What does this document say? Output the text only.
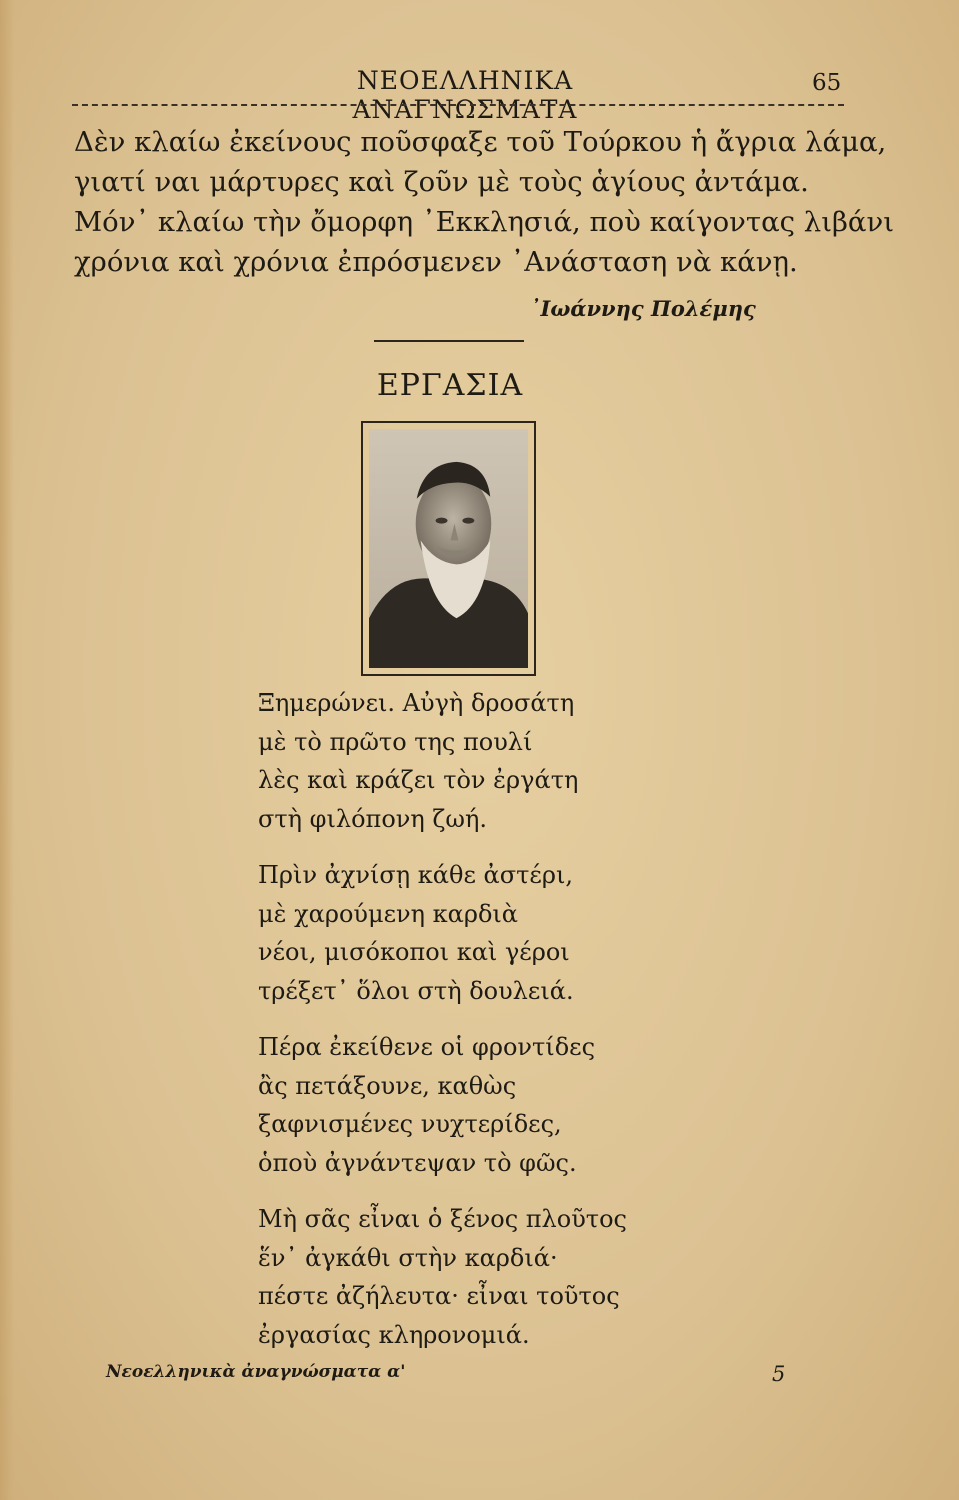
ΝΕΟΕΛΛΗΝΙΚΑ ΑΝΑΓΝΩΣΜΑΤΑ
65

Δὲν κλαίω ἐκείνους ποῦσφαξε τοῦ Τούρκου ἡ ἄγρια λάμα,

γιατί ναι μάρτυρες καὶ ζοῦν μὲ τοὺς ἁγίους ἀντάμα.

Μόν᾿ κλαίω τὴν ὄμορφη ᾿Εκκλησιά, ποὺ καίγοντας λιβάνι

χρόνια καὶ χρόνια ἐπρόσμενεν ᾿Ανάσταση νὰ κάνῃ.

᾿Ιωάννης Πολέμης
ΕΡΓΑΣΙΑ

Ξημερώνει. Αὐγὴ δροσάτη

μὲ τὸ πρῶτο της πουλί

λὲς καὶ κράζει τὸν ἐργάτη

στὴ φιλόπονη ζωή.

Πρὶν ἀχνίσῃ κάθε ἀστέρι,

μὲ χαρούμενη καρδιὰ

νέοι, μισόκοποι καὶ γέροι

τρέξετ᾿ ὅλοι στὴ δουλειά.

Πέρα ἐκείθενε οἱ φροντίδες

ἂς πετάξουνε, καθὼς

ξαφνισμένες νυχτερίδες,

ὁποὺ ἀγνάντεψαν τὸ φῶς.

Μὴ σᾶς εἶναι ὁ ξένος πλοῦτος

ἕν᾿ ἀγκάθι στὴν καρδιά·

πέστε ἀζήλευτα· εἶναι τοῦτος

ἐργασίας κληρονομιά.

Νεοελληνικὰ ἀναγνώσματα α'	5
